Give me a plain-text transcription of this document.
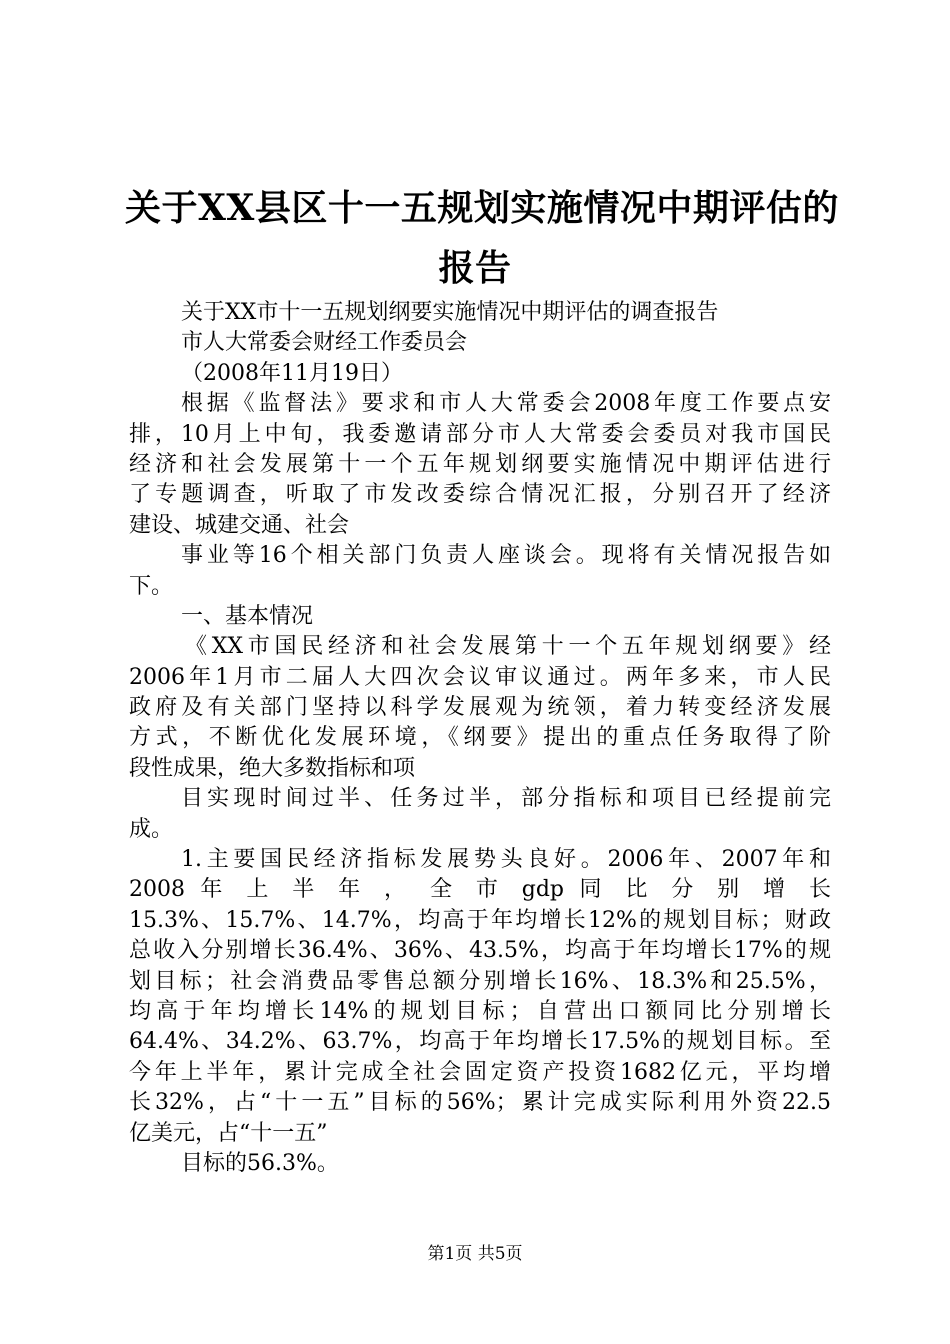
关于XX县区十一五规划实施情况中期评估的
报告
关于XX市十一五规划纲要实施情况中期评估的调查报告
市人大常委会财经工作委员会
（2008年11月19日）
根据《监督法》要求和市人大常委会2008年度工作要点安
排，10月上中旬，我委邀请部分市人大常委会委员对我市国民
经济和社会发展第十一个五年规划纲要实施情况中期评估进行
了专题调查，听取了市发改委综合情况汇报，分别召开了经济
建设、城建交通、社会
事业等16个相关部门负责人座谈会。现将有关情况报告如
下。
一、基本情况
《XX市国民经济和社会发展第十一个五年规划纲要》经
2006年1月市二届人大四次会议审议通过。两年多来，市人民
政府及有关部门坚持以科学发展观为统领，着力转变经济发展
方式，不断优化发展环境，《纲要》提出的重点任务取得了阶
段性成果，绝大多数指标和项
目实现时间过半、任务过半，部分指标和项目已经提前完
成。
1.主要国民经济指标发展势头良好。2006年、2007年和
2008 年 上 半 年 ， 全 市 gdp 同 比 分 别 增 长
15.3%、15.7%、14.7%，均高于年均增长12%的规划目标；财政
总收入分别增长36.4%、36%、43.5%，均高于年均增长17%的规
划目标；社会消费品零售总额分别增长16%、18.3%和25.5%，
均高于年均增长14%的规划目标；自营出口额同比分别增长
64.4%、34.2%、63.7%，均高于年均增长17.5%的规划目标。至
今年上半年，累计完成全社会固定资产投资1682亿元，平均增
长32%，占“十一五”目标的56%；累计完成实际利用外资22.5
亿美元，占“十一五”
目标的56.3%。
第1页 共5页
